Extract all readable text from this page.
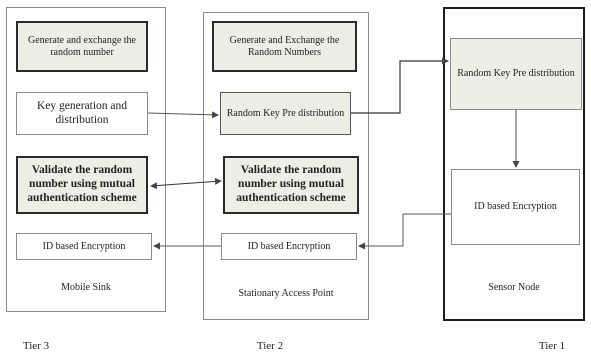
Generate and exchange the random number
Key generation and distribution
Validate the random number using mutual authentication scheme
ID based Encryption
Mobile Sink
Generate and Exchange the Random Numbers
Random Key Pre distribution
Validate the random number using mutual authentication scheme
ID based Encryption
Stationary Access Point
Random Key Pre distribution
ID based Encryption
Sensor Node
Tier 3	Tier 2	Tier 1
